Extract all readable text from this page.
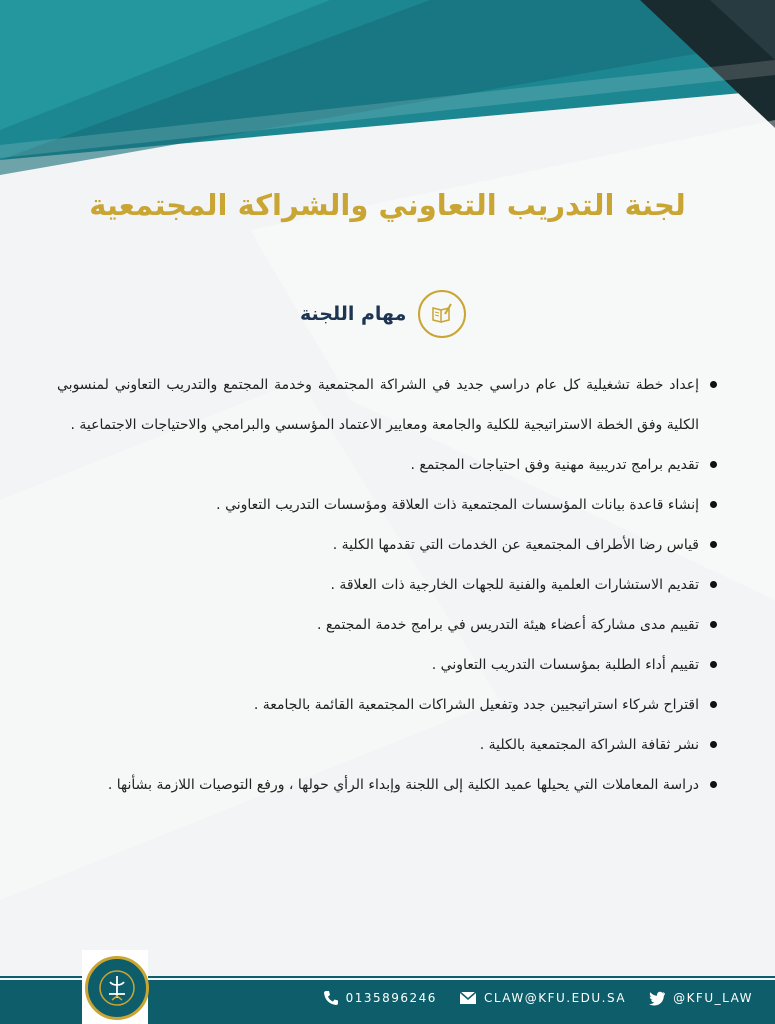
لجنة التدريب التعاوني والشراكة المجتمعية
مهام اللجنة
إعداد خطة تشغيلية كل عام دراسي جديد في الشراكة المجتمعية وخدمة المجتمع والتدريب التعاوني لمنسوبي الكلية وفق الخطة الاستراتيجية للكلية والجامعة ومعايير الاعتماد المؤسسي والبرامجي والاحتياجات الاجتماعية .
تقديم برامج تدريبية مهنية وفق احتياجات المجتمع .
إنشاء قاعدة بيانات المؤسسات المجتمعية ذات العلاقة ومؤسسات التدريب التعاوني .
قياس رضا الأطراف المجتمعية عن الخدمات التي تقدمها الكلية .
تقديم الاستشارات العلمية والفنية للجهات الخارجية ذات العلاقة .
تقييم مدى مشاركة أعضاء هيئة التدريس في برامج خدمة المجتمع .
تقييم أداء الطلبة بمؤسسات التدريب التعاوني .
اقتراح شركاء استراتيجيين جدد وتفعيل الشراكات المجتمعية القائمة بالجامعة .
نشر ثقافة الشراكة المجتمعية بالكلية .
دراسة المعاملات التي يحيلها عميد الكلية إلى اللجنة وإبداء الرأي حولها ، ورفع التوصيات اللازمة بشأنها .
0135896246	CLAW@KFU.EDU.SA	@KFU_LAW
